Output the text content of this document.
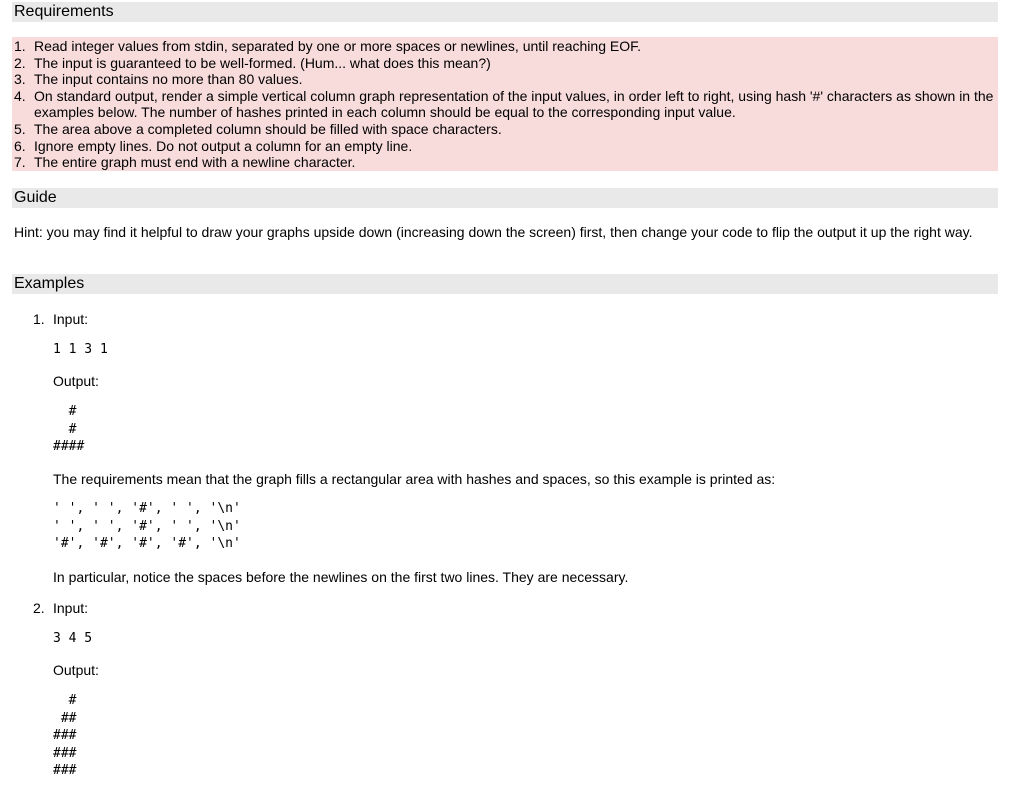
Requirements
1. Read integer values from stdin, separated by one or more spaces or newlines, until reaching EOF.
2. The input is guaranteed to be well-formed. (Hum... what does this mean?)
3. The input contains no more than 80 values.
4. On standard output, render a simple vertical column graph representation of the input values, in order left to right, using hash '#' characters as shown in the examples below. The number of hashes printed in each column should be equal to the corresponding input value.
5. The area above a completed column should be filled with space characters.
6. Ignore empty lines. Do not output a column for an empty line.
7. The entire graph must end with a newline character.
Guide
Hint: you may find it helpful to draw your graphs upside down (increasing down the screen) first, then change your code to flip the output it up the right way.
Examples
1. Input:
1 1 3 1
Output:
#
#
####
The requirements mean that the graph fills a rectangular area with hashes and spaces, so this example is printed as:
' ', ' ', '#', ' ', '\n'
' ', ' ', '#', ' ', '\n'
'#', '#', '#', '#', '\n'
In particular, notice the spaces before the newlines on the first two lines. They are necessary.
2. Input:
3 4 5
Output:
#
##
###
###
###
